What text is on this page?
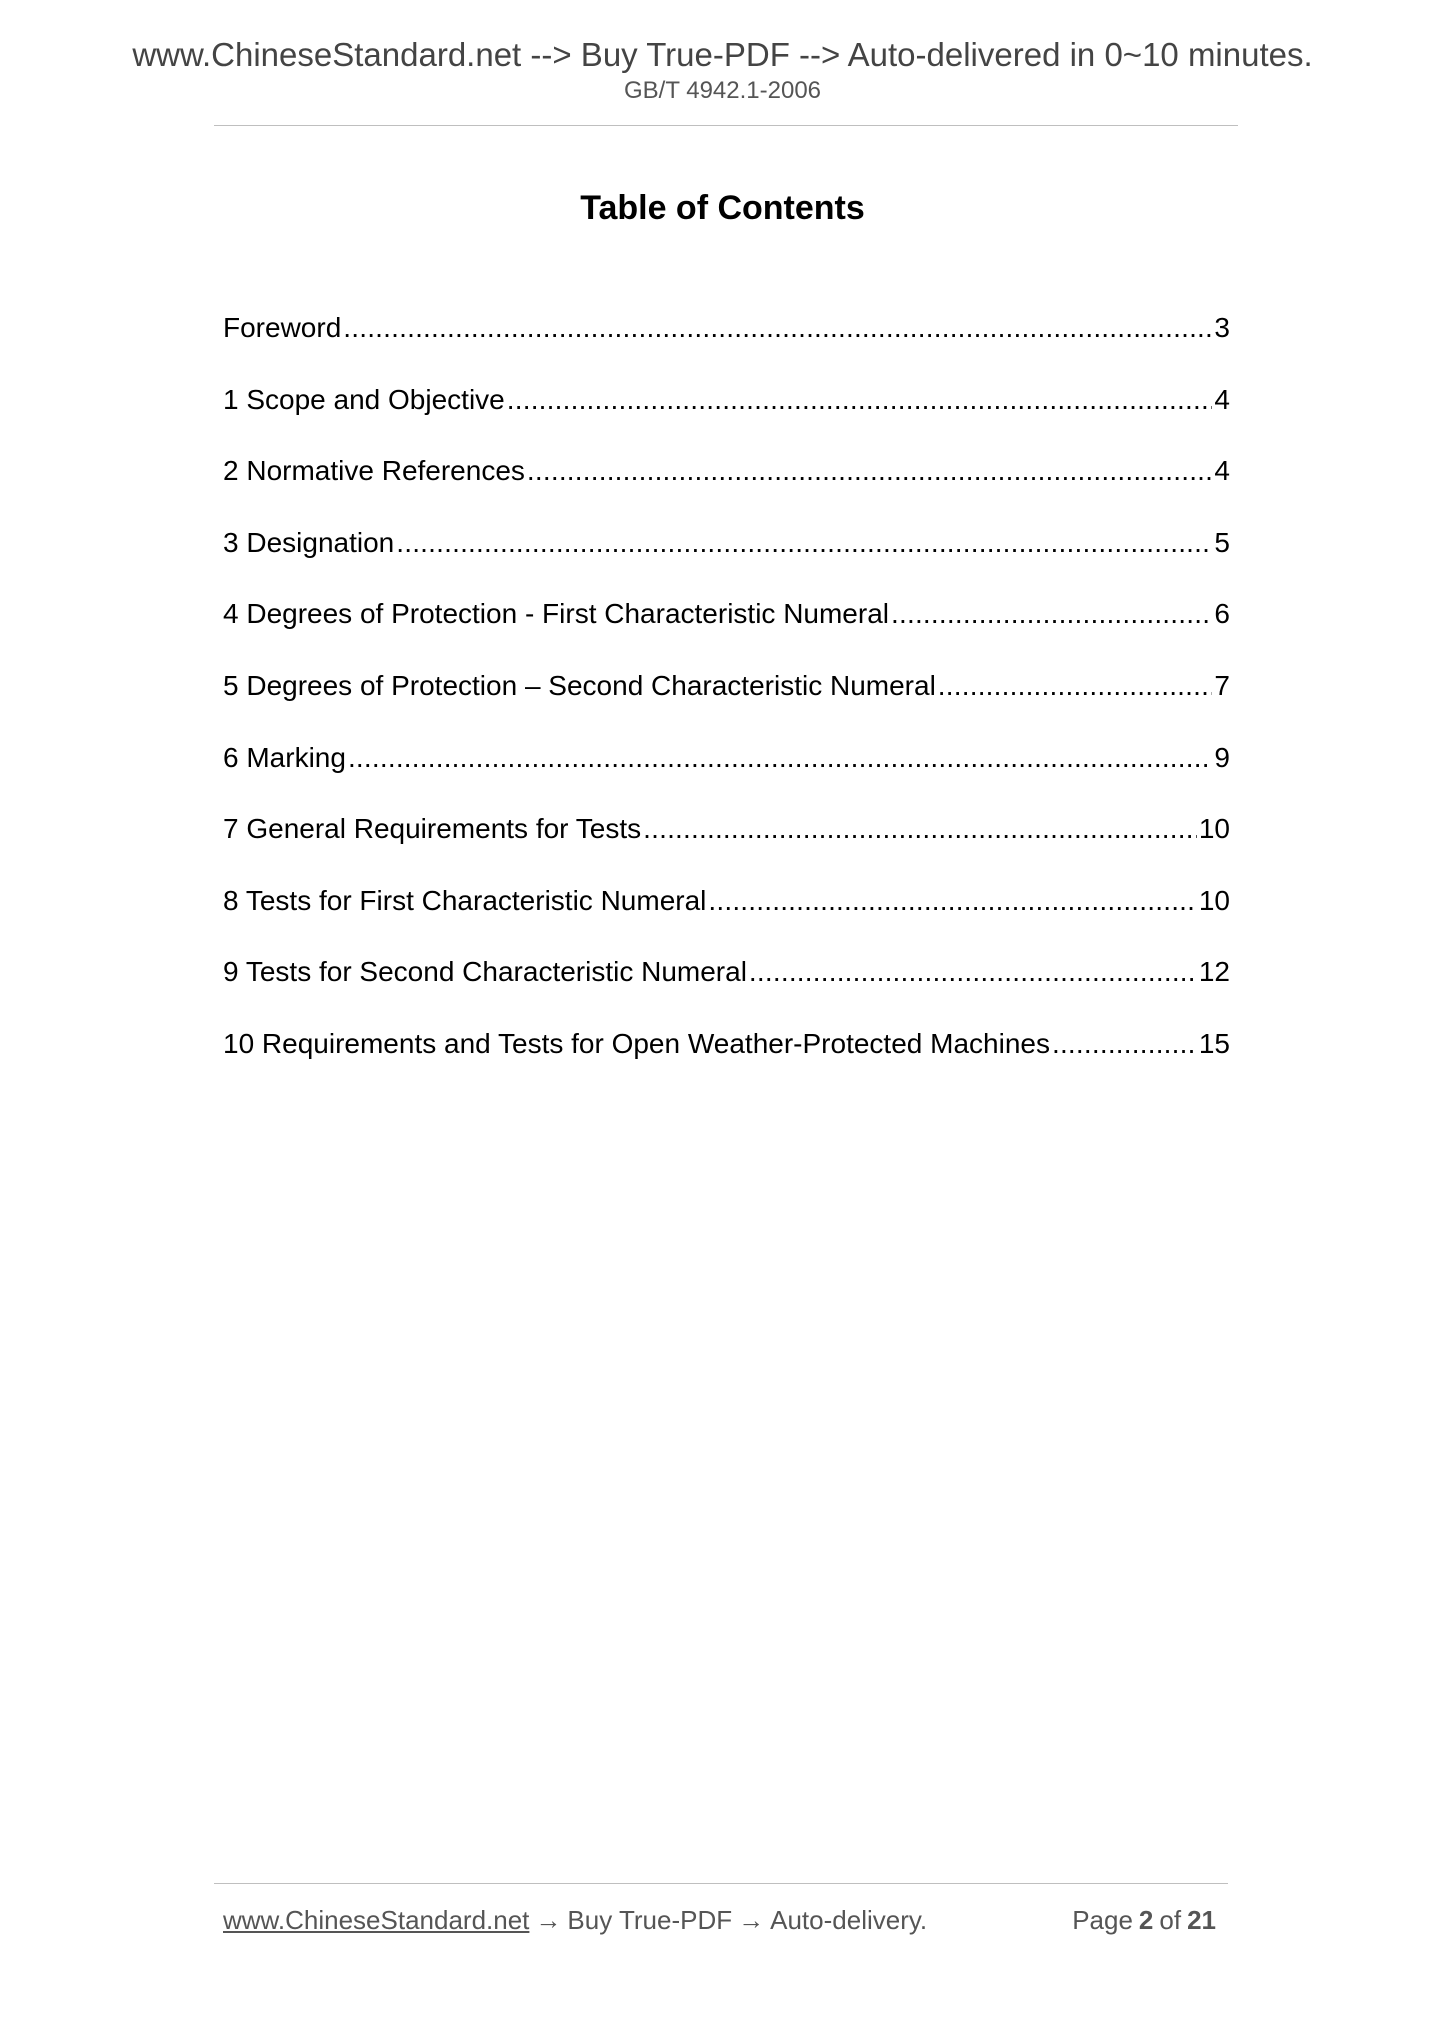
www.ChineseStandard.net --> Buy True-PDF --> Auto-delivered in 0~10 minutes.
GB/T 4942.1-2006
Table of Contents
Foreword .....	3
1 Scope and Objective .....	4
2 Normative References .....	4
3 Designation .....	5
4 Degrees of Protection - First Characteristic Numeral .....	6
5 Degrees of Protection – Second Characteristic Numeral .....	7
6 Marking .....	9
7 General Requirements for Tests .....	10
8 Tests for First Characteristic Numeral .....	10
9 Tests for Second Characteristic Numeral .....	12
10 Requirements and Tests for Open Weather-Protected Machines .....	15
www.ChineseStandard.net → Buy True-PDF → Auto-delivery.	Page 2 of 21
